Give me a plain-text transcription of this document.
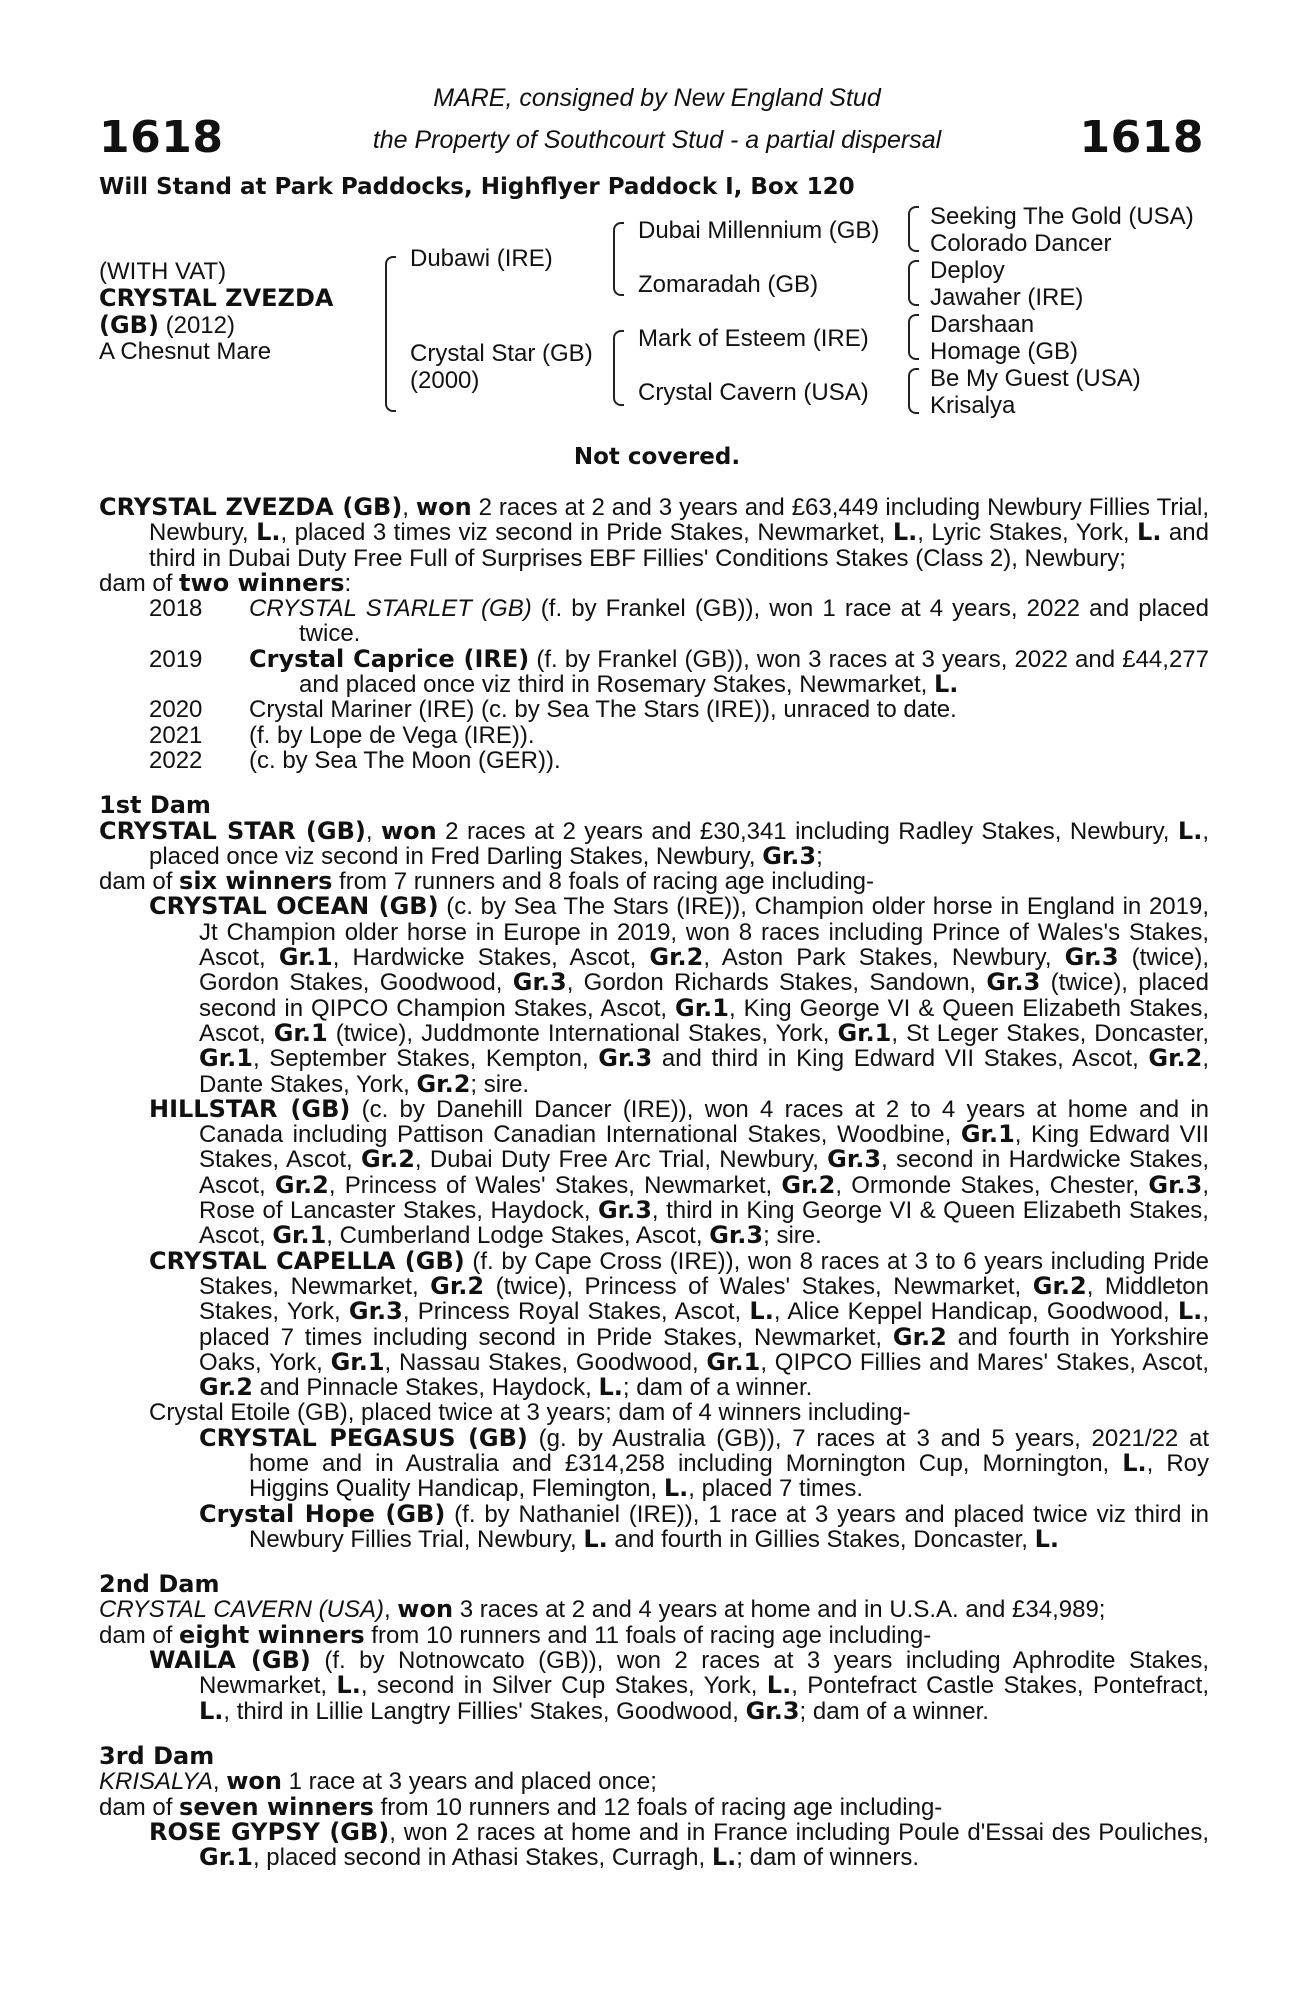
1618	1618
MARE, consigned by New England Stud
the Property of Southcourt Stud - a partial dispersal
Will Stand at Park Paddocks, Highflyer Paddock I, Box 120
(WITH VAT)
CRYSTAL ZVEZDA
(GB) (2012)
A Chesnut Mare
Dubawi (IRE)
Crystal Star (GB)
(2000)
Dubai Millennium (GB)
Zomaradah (GB)
Mark of Esteem (IRE)
Crystal Cavern (USA)
Seeking The Gold (USA)
Colorado Dancer
Deploy
Jawaher (IRE)
Darshaan
Homage (GB)
Be My Guest (USA)
Krisalya
Not covered.
CRYSTAL ZVEZDA (GB), won 2 races at 2 and 3 years and £63,449 including Newbury Fillies Trial, Newbury, L., placed 3 times viz second in Pride Stakes, Newmarket, L., Lyric Stakes, York, L. and third in Dubai Duty Free Full of Surprises EBF Fillies' Conditions Stakes (Class 2), Newbury;
dam of two winners:
2018	CRYSTAL STARLET (GB) (f. by Frankel (GB)), won 1 race at 4 years, 2022 and placed twice.

2019	Crystal Caprice (IRE) (f. by Frankel (GB)), won 3 races at 3 years, 2022 and £44,277 and placed once viz third in Rosemary Stakes, Newmarket, L.

2020	Crystal Mariner (IRE) (c. by Sea The Stars (IRE)), unraced to date.

2021	(f. by Lope de Vega (IRE)).

2022	(c. by Sea The Moon (GER)).
1st Dam
CRYSTAL STAR (GB), won 2 races at 2 years and £30,341 including Radley Stakes, Newbury, L., placed once viz second in Fred Darling Stakes, Newbury, Gr.3;
dam of six winners from 7 runners and 8 foals of racing age including-
CRYSTAL OCEAN (GB) (c. by Sea The Stars (IRE)), Champion older horse in England in 2019, Jt Champion older horse in Europe in 2019, won 8 races including Prince of Wales's Stakes, Ascot, Gr.1, Hardwicke Stakes, Ascot, Gr.2, Aston Park Stakes, Newbury, Gr.3 (twice), Gordon Stakes, Goodwood, Gr.3, Gordon Richards Stakes, Sandown, Gr.3 (twice), placed second in QIPCO Champion Stakes, Ascot, Gr.1, King George VI & Queen Elizabeth Stakes, Ascot, Gr.1 (twice), Juddmonte International Stakes, York, Gr.1, St Leger Stakes, Doncaster, Gr.1, September Stakes, Kempton, Gr.3 and third in King Edward VII Stakes, Ascot, Gr.2, Dante Stakes, York, Gr.2; sire.
HILLSTAR (GB) (c. by Danehill Dancer (IRE)), won 4 races at 2 to 4 years at home and in Canada including Pattison Canadian International Stakes, Woodbine, Gr.1, King Edward VII Stakes, Ascot, Gr.2, Dubai Duty Free Arc Trial, Newbury, Gr.3, second in Hardwicke Stakes, Ascot, Gr.2, Princess of Wales' Stakes, Newmarket, Gr.2, Ormonde Stakes, Chester, Gr.3, Rose of Lancaster Stakes, Haydock, Gr.3, third in King George VI & Queen Elizabeth Stakes, Ascot, Gr.1, Cumberland Lodge Stakes, Ascot, Gr.3; sire.
CRYSTAL CAPELLA (GB) (f. by Cape Cross (IRE)), won 8 races at 3 to 6 years including Pride Stakes, Newmarket, Gr.2 (twice), Princess of Wales' Stakes, Newmarket, Gr.2, Middleton Stakes, York, Gr.3, Princess Royal Stakes, Ascot, L., Alice Keppel Handicap, Goodwood, L., placed 7 times including second in Pride Stakes, Newmarket, Gr.2 and fourth in Yorkshire Oaks, York, Gr.1, Nassau Stakes, Goodwood, Gr.1, QIPCO Fillies and Mares' Stakes, Ascot, Gr.2 and Pinnacle Stakes, Haydock, L.; dam of a winner.
Crystal Etoile (GB), placed twice at 3 years; dam of 4 winners including-
CRYSTAL PEGASUS (GB) (g. by Australia (GB)), 7 races at 3 and 5 years, 2021/22 at home and in Australia and £314,258 including Mornington Cup, Mornington, L., Roy Higgins Quality Handicap, Flemington, L., placed 7 times.
Crystal Hope (GB) (f. by Nathaniel (IRE)), 1 race at 3 years and placed twice viz third in Newbury Fillies Trial, Newbury, L. and fourth in Gillies Stakes, Doncaster, L.
2nd Dam
CRYSTAL CAVERN (USA), won 3 races at 2 and 4 years at home and in U.S.A. and £34,989;
dam of eight winners from 10 runners and 11 foals of racing age including-
WAILA (GB) (f. by Notnowcato (GB)), won 2 races at 3 years including Aphrodite Stakes, Newmarket, L., second in Silver Cup Stakes, York, L., Pontefract Castle Stakes, Pontefract, L., third in Lillie Langtry Fillies' Stakes, Goodwood, Gr.3; dam of a winner.
3rd Dam
KRISALYA, won 1 race at 3 years and placed once;
dam of seven winners from 10 runners and 12 foals of racing age including-
ROSE GYPSY (GB), won 2 races at home and in France including Poule d'Essai des Pouliches, Gr.1, placed second in Athasi Stakes, Curragh, L.; dam of winners.
